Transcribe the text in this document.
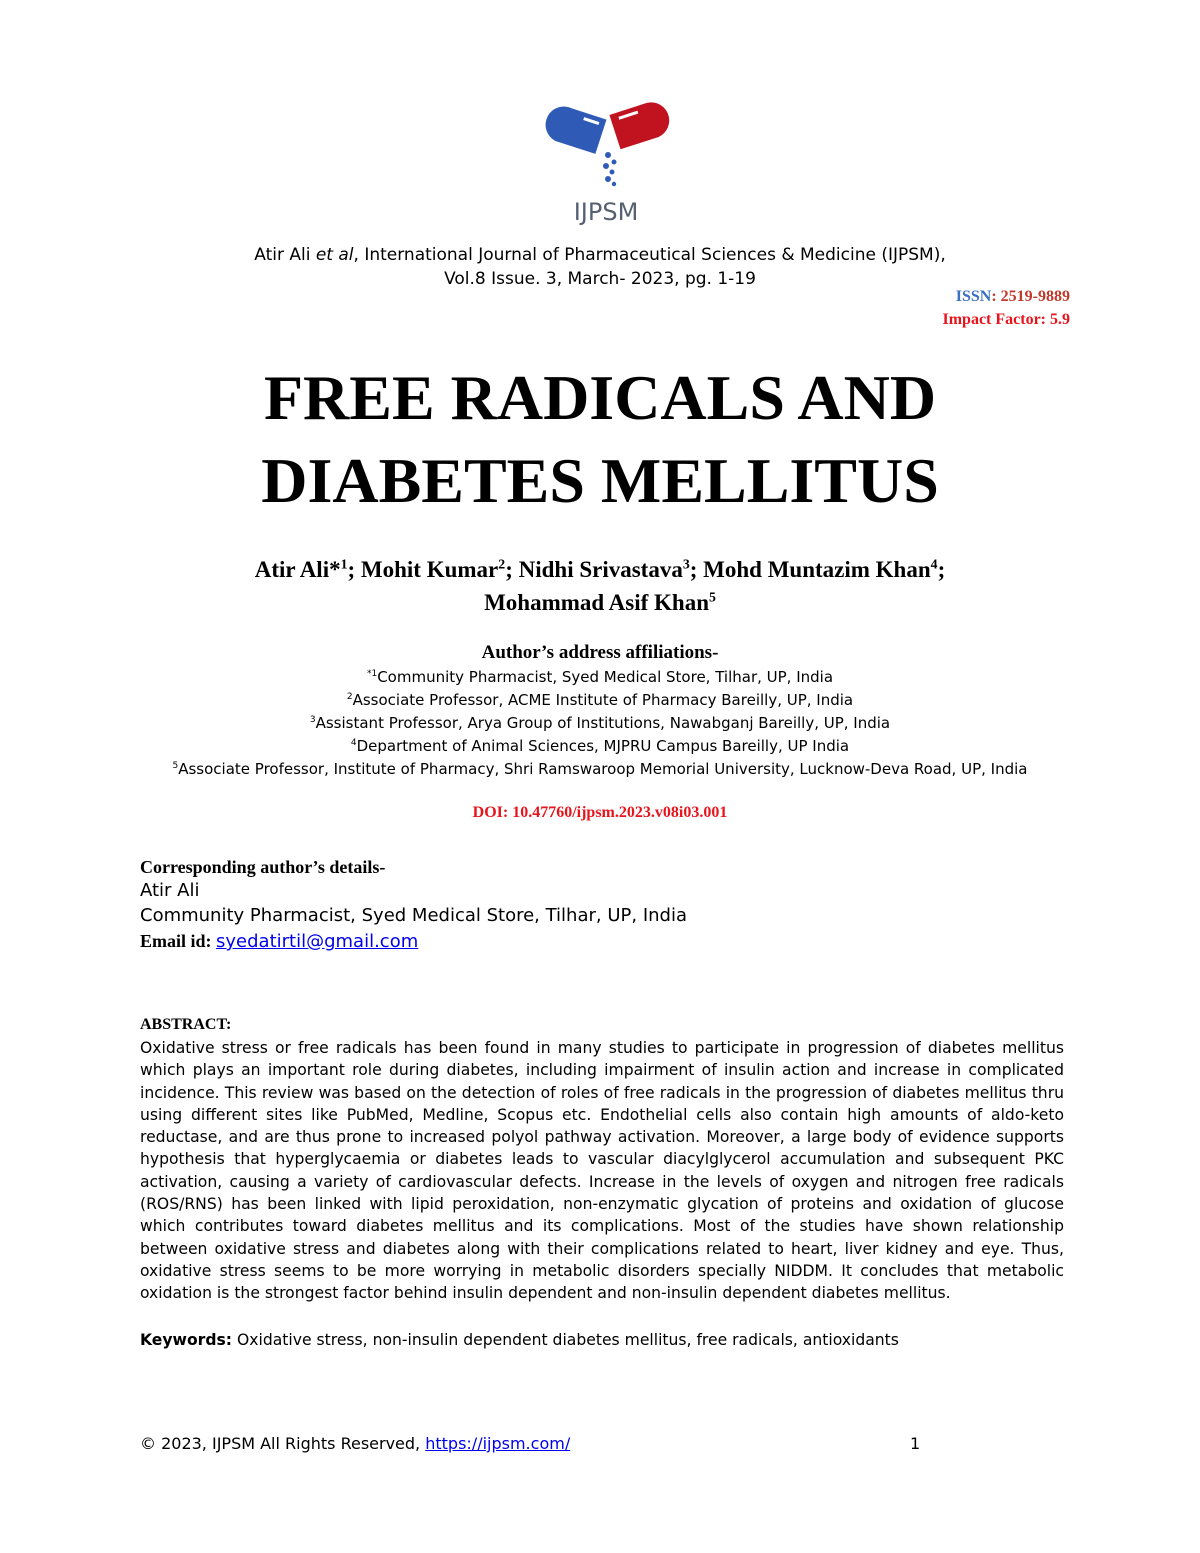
IJPSM
Atir Ali et al, International Journal of Pharmaceutical Sciences & Medicine (IJPSM),
Vol.8 Issue. 3, March- 2023, pg. 1-19
ISSN: 2519-9889
Impact Factor: 5.9
FREE RADICALS AND
DIABETES MELLITUS
Atir Ali*$^1$; Mohit Kumar$^2$; Nidhi Srivastava$^3$; Mohd Muntazim Khan$^4$;
Mohammad Asif Khan$^5$
Author’s address affiliations-
$^{*1}$Community Pharmacist, Syed Medical Store, Tilhar, UP, India
$^2$Associate Professor, ACME Institute of Pharmacy Bareilly, UP, India
$^3$Assistant Professor, Arya Group of Institutions, Nawabganj Bareilly, UP, India
$^4$Department of Animal Sciences, MJPRU Campus Bareilly, UP India
$^5$Associate Professor, Institute of Pharmacy, Shri Ramswaroop Memorial University, Lucknow-Deva Road, UP, India
DOI: 10.47760/ijpsm.2023.v08i03.001
Corresponding author’s details-
Atir Ali
Community Pharmacist, Syed Medical Store, Tilhar, UP, India
Email id: syedatirtil@gmail.com
ABSTRACT:
Oxidative stress or free radicals has been found in many studies to participate in progression of diabetes mellitus which plays an important role during diabetes, including impairment of insulin action and increase in complicated incidence. This review was based on the detection of roles of free radicals in the progression of diabetes mellitus thru using different sites like PubMed, Medline, Scopus etc. Endothelial cells also contain high amounts of aldo-keto reductase, and are thus prone to increased polyol pathway activation. Moreover, a large body of evidence supports hypothesis that hyperglycaemia or diabetes leads to vascular diacylglycerol accumulation and subsequent PKC activation, causing a variety of cardiovascular defects. Increase in the levels of oxygen and nitrogen free radicals (ROS/RNS) has been linked with lipid peroxidation, non-enzymatic glycation of proteins and oxidation of glucose which contributes toward diabetes mellitus and its complications. Most of the studies have shown relationship between oxidative stress and diabetes along with their complications related to heart, liver kidney and eye. Thus, oxidative stress seems to be more worrying in metabolic disorders specially NIDDM. It concludes that metabolic oxidation is the strongest factor behind insulin dependent and non-insulin dependent diabetes mellitus.
Keywords: Oxidative stress, non-insulin dependent diabetes mellitus, free radicals, antioxidants
© 2023, IJPSM All Rights Reserved, https://ijpsm.com/	1
